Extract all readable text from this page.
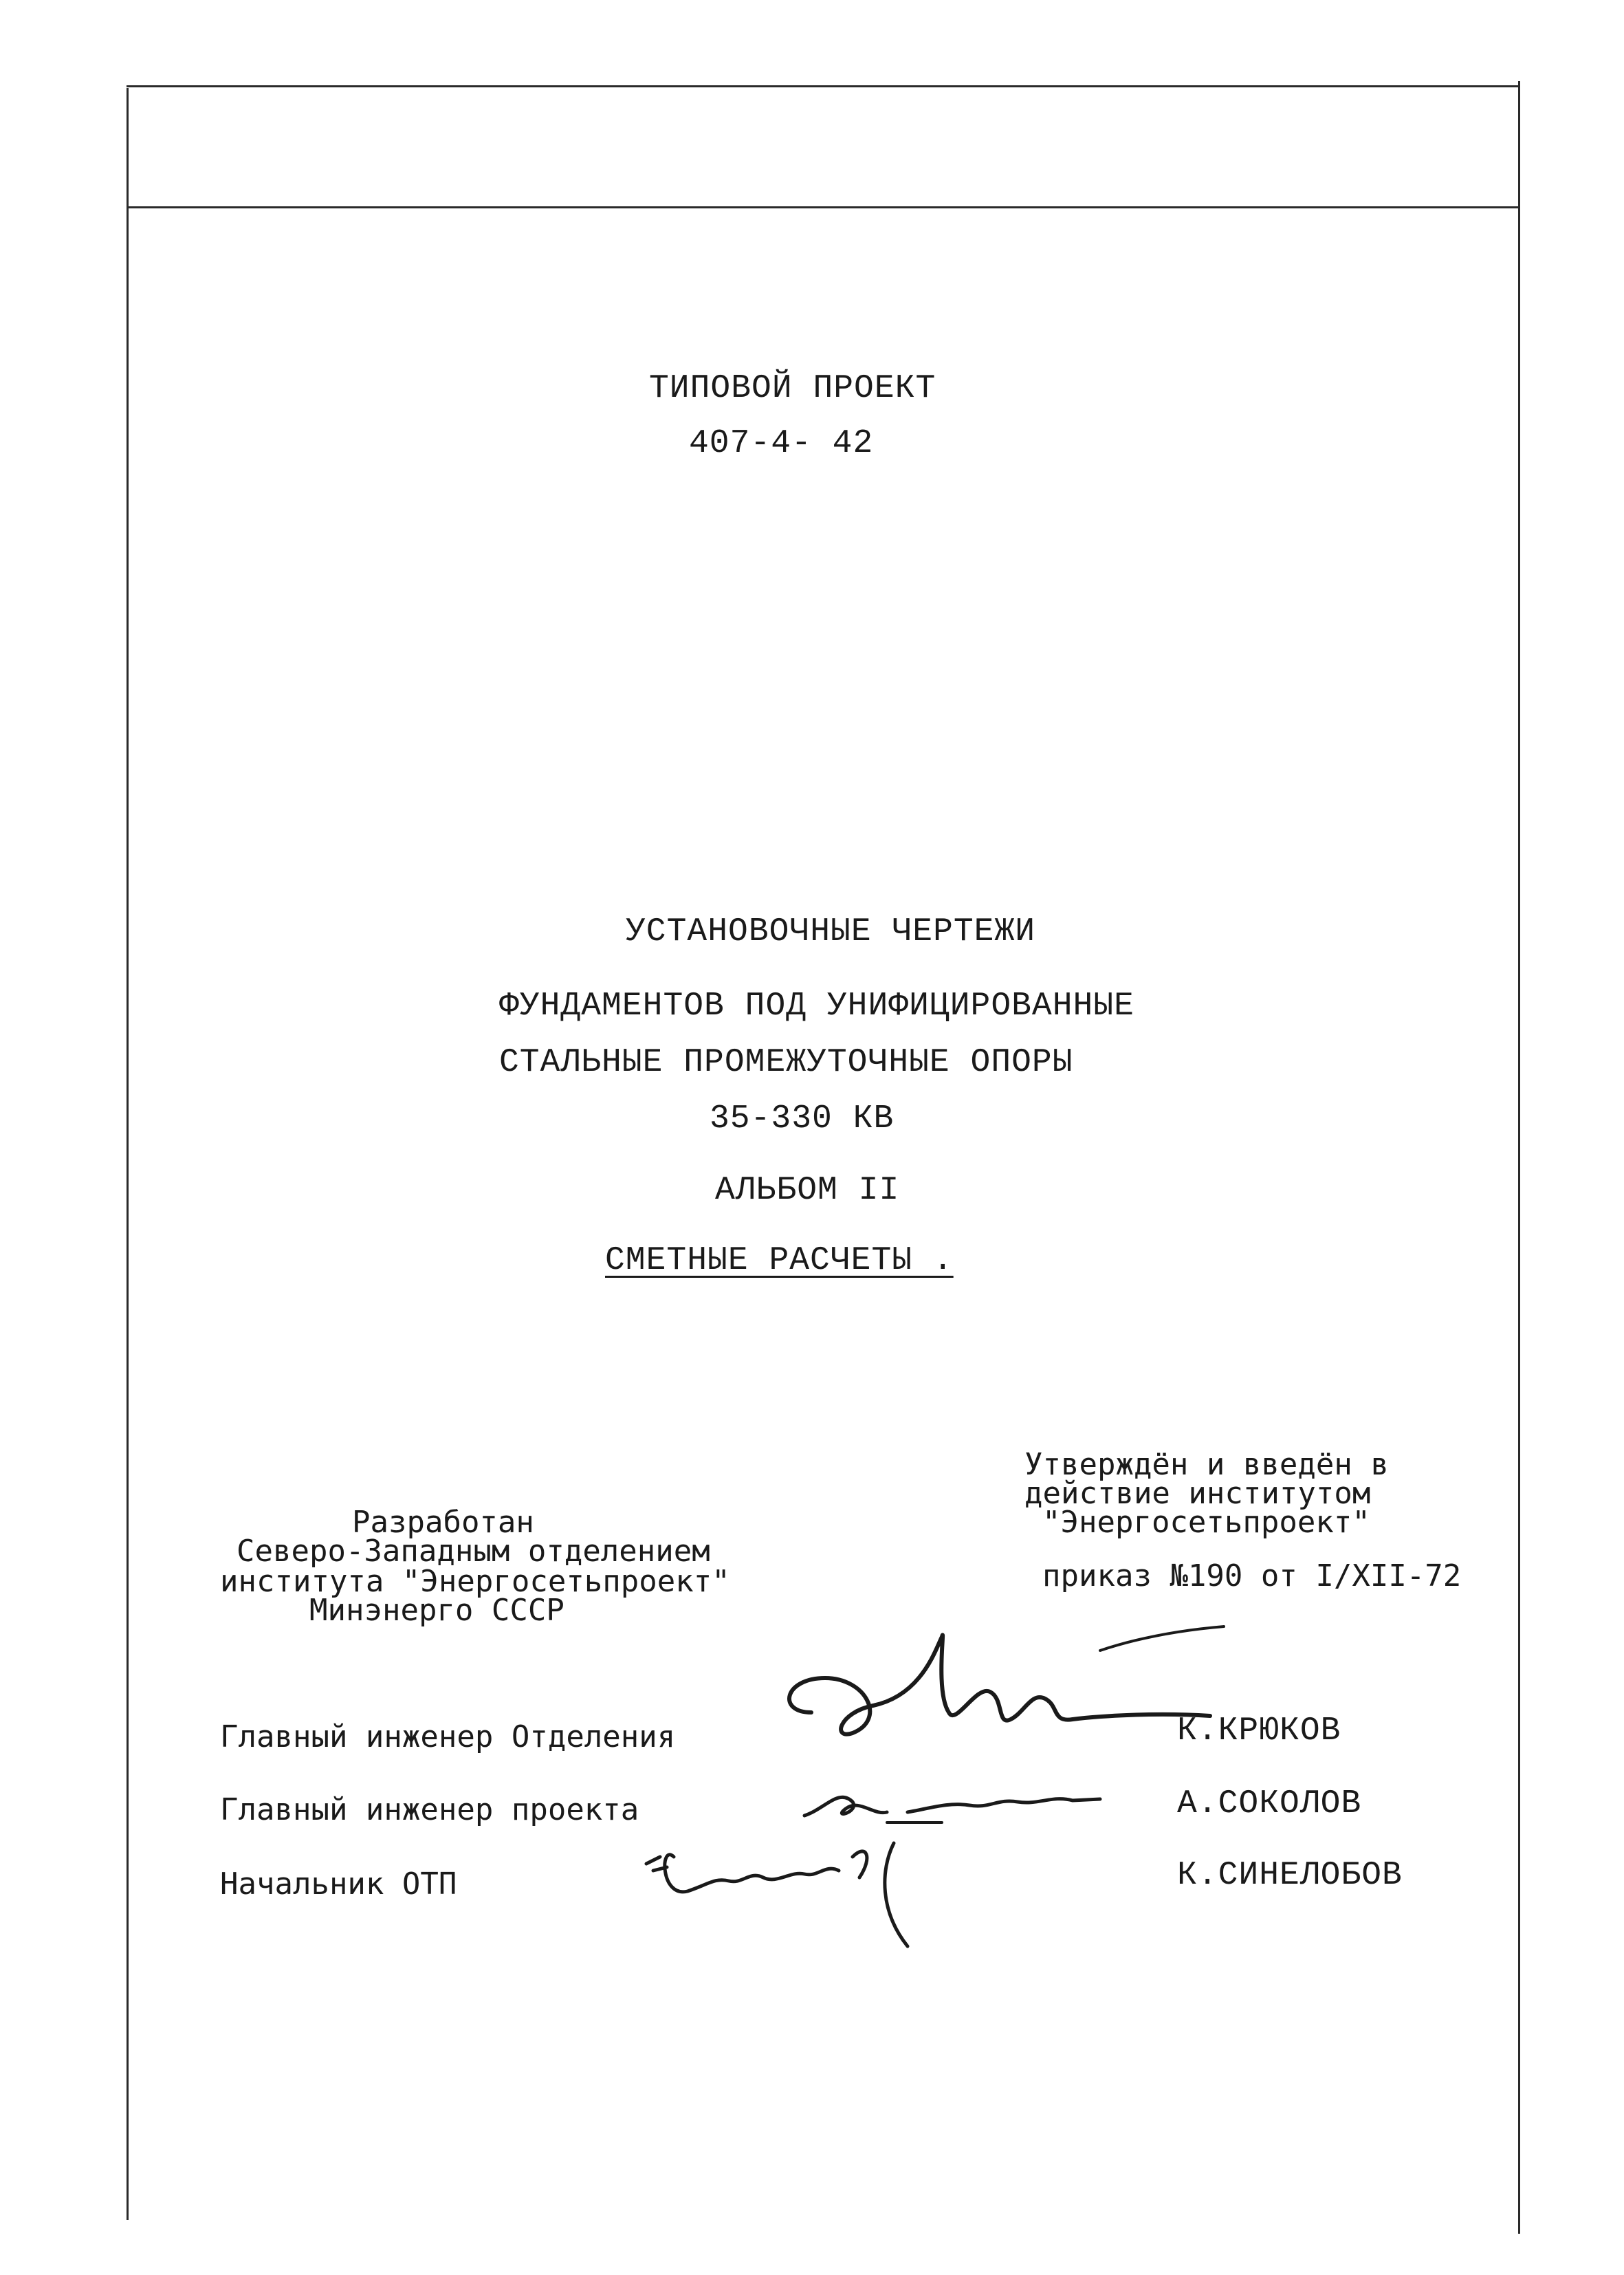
ТИПОВОЙ ПРОЕКТ
407-4- 42
УСТАНОВОЧНЫЕ ЧЕРТЕЖИ
ФУНДАМЕНТОВ ПОД УНИФИЦИРОВАННЫЕ
СТАЛЬНЫЕ ПРОМЕЖУТОЧНЫЕ ОПОРЫ
35-330 КВ
АЛЬБОМ II
СМЕТНЫЕ РАСЧЕТЫ .
Разработан
Северо-Западным отделением
института "Энергосетьпроект"
Минэнерго СССР
Утверждён и введён в
действие институтом
"Энергосетьпроект"
приказ №190 от I/XII-72
Главный инженер Отделения	К.КРЮКОВ
Главный инженер проекта	А.СОКОЛОВ
Начальник ОТП	К.СИНЕЛОБОВ
